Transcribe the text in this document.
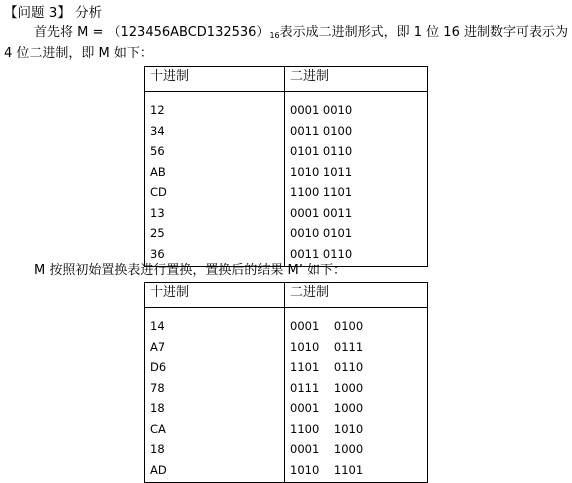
【问题 3】 分析
首先将 $M = (123456ABCD132536)_{16}$表示成二进制形式，即 1 位 16 进制数字可表示为
4 位二进制，即 M 如下：
十进制	二进制
12	0001 0010
34	0011 0100
56	0101 0110
AB	1010 1011
CD	1100 1101
13	0001 0011
25	0010 0101
36	0011 0110
M 按照初始置换表进行置换，置换后的结果 M’ 如下：
十进制	二进制
14	0001    0100
A7	1010    0111
D6	1101    0110
78	0111    1000
18	0001    1000
CA	1100    1010
18	0001    1000
AD	1010    1101
